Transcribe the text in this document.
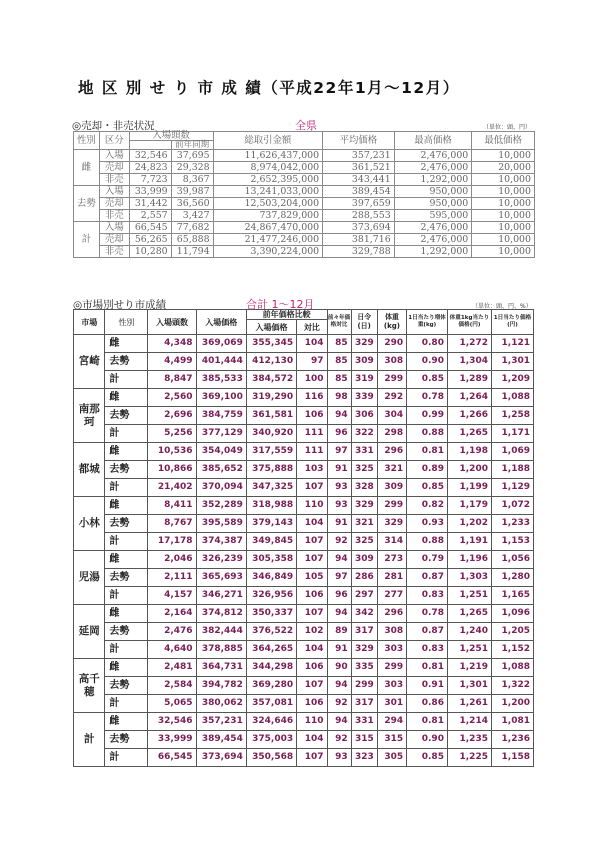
地 区 別 せ り 市 成 績（平成22年1月〜12月）
◎売却・非売状況	全県	（単位：頭、円）
性別	区分	入場頭数		総取引金額	平均価格	最高価格	最低価格
			前年同期				
雌	入場	32,546	37,695	11,626,437,000	357,231	2,476,000	10,000
	売却	24,823	29,328	8,974,042,000	361,521	2,476,000	20,000
	非売	7,723	8,367	2,652,395,000	343,441	1,292,000	10,000
去勢	入場	33,999	39,987	13,241,033,000	389,454	950,000	10,000
	売却	31,442	36,560	12,503,204,000	397,659	950,000	10,000
	非売	2,557	3,427	737,829,000	288,553	595,000	10,000
計	入場	66,545	77,682	24,867,470,000	373,694	2,476,000	10,000
	売却	56,265	65,888	21,477,246,000	381,716	2,476,000	10,000
	非売	10,280	11,794	3,390,224,000	329,788	1,292,000	10,000
◎市場別せり市成績	合計 1〜12月	（単位：頭、円、%）
市場	性別	入場頭数	入場価格	前年価格比較		前々年価格対比	日令(日)	体重(kg)	1日当たり増体重(kg)	体重1kg当たり価格(円)	1日当たり価格(円)
				入場価格	対比						
宮崎	雌	4,348	369,069	355,345	104	85	329	290	0.80	1,272	1,121
	去勢	4,499	401,444	412,130	97	85	309	308	0.90	1,304	1,301
	計	8,847	385,533	384,572	100	85	319	299	0.85	1,289	1,209
南那珂	雌	2,560	369,100	319,290	116	98	339	292	0.78	1,264	1,088
	去勢	2,696	384,759	361,581	106	94	306	304	0.99	1,266	1,258
	計	5,256	377,129	340,920	111	96	322	298	0.88	1,265	1,171
都城	雌	10,536	354,049	317,559	111	97	331	296	0.81	1,198	1,069
	去勢	10,866	385,652	375,888	103	91	325	321	0.89	1,200	1,188
	計	21,402	370,094	347,325	107	93	328	309	0.85	1,199	1,129
小林	雌	8,411	352,289	318,988	110	93	329	299	0.82	1,179	1,072
	去勢	8,767	395,589	379,143	104	91	321	329	0.93	1,202	1,233
	計	17,178	374,387	349,845	107	92	325	314	0.88	1,191	1,153
児湯	雌	2,046	326,239	305,358	107	94	309	273	0.79	1,196	1,056
	去勢	2,111	365,693	346,849	105	97	286	281	0.87	1,303	1,280
	計	4,157	346,271	326,956	106	96	297	277	0.83	1,251	1,165
延岡	雌	2,164	374,812	350,337	107	94	342	296	0.78	1,265	1,096
	去勢	2,476	382,444	376,522	102	89	317	308	0.87	1,240	1,205
	計	4,640	378,885	364,265	104	91	329	303	0.83	1,251	1,152
高千穂	雌	2,481	364,731	344,298	106	90	335	299	0.81	1,219	1,088
	去勢	2,584	394,782	369,280	107	94	299	303	0.91	1,301	1,322
	計	5,065	380,062	357,081	106	92	317	301	0.86	1,261	1,200
計	雌	32,546	357,231	324,646	110	94	331	294	0.81	1,214	1,081
	去勢	33,999	389,454	375,003	104	92	315	315	0.90	1,235	1,236
	計	66,545	373,694	350,568	107	93	323	305	0.85	1,225	1,158
